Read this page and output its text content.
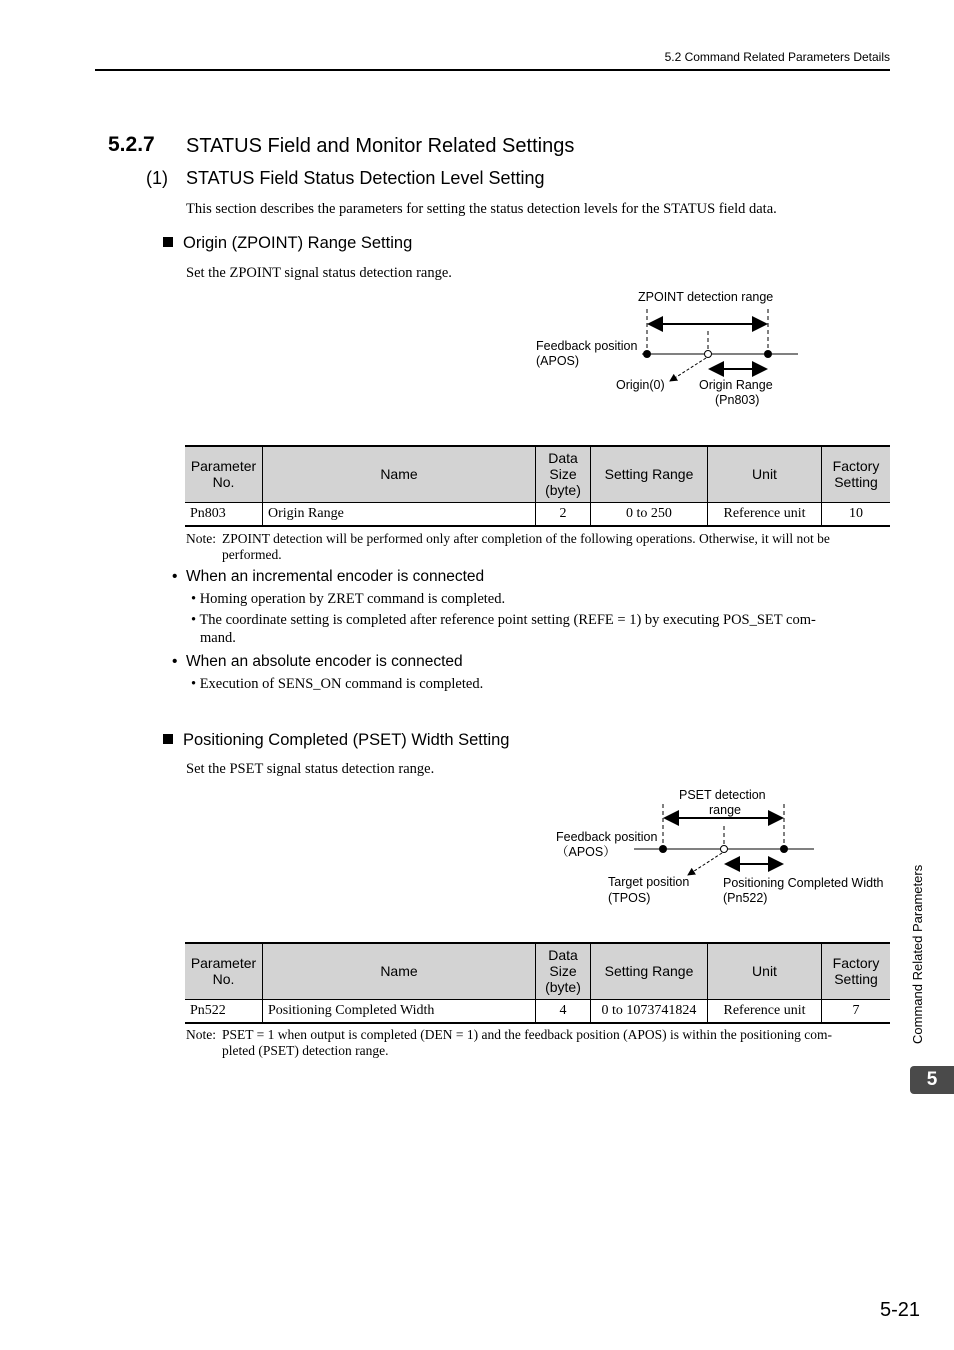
5.2 Command Related Parameters Details
5.2.7 STATUS Field and Monitor Related Settings
(1) STATUS Field Status Detection Level Setting
This section describes the parameters for setting the status detection levels for the STATUS field data.
Origin (ZPOINT) Range Setting
Set the ZPOINT signal status detection range.
ZPOINT detection range
Feedback position
(APOS)
Origin(0)	Origin Range
(Pn803)
Parameter No.	Name	Data Size (byte)	Setting Range	Unit	Factory Setting
Pn803	Origin Range	2	0 to 250	Reference unit	10
Note: ZPOINT detection will be performed only after completion of the following operations. Otherwise, it will not be
performed.
•  When an incremental encoder is connected
• Homing operation by ZRET command is completed.
• The coordinate setting is completed after reference point setting (REFE = 1) by executing POS_SET com-
mand.
•  When an absolute encoder is connected
• Execution of SENS_ON command is completed.
Positioning Completed (PSET) Width Setting
Set the PSET signal status detection range.
PSET detection
range
Feedback position
（APOS）
Target position
(TPOS)
Positioning Completed Width
(Pn522)
Parameter No.	Name	Data Size (byte)	Setting Range	Unit	Factory Setting
Pn522	Positioning Completed Width	4	0 to 1073741824	Reference unit	7
Note: PSET = 1 when output is completed (DEN = 1) and the feedback position (APOS) is within the positioning com-
pleted (PSET) detection range.
Command Related Parameters
5
5-21
